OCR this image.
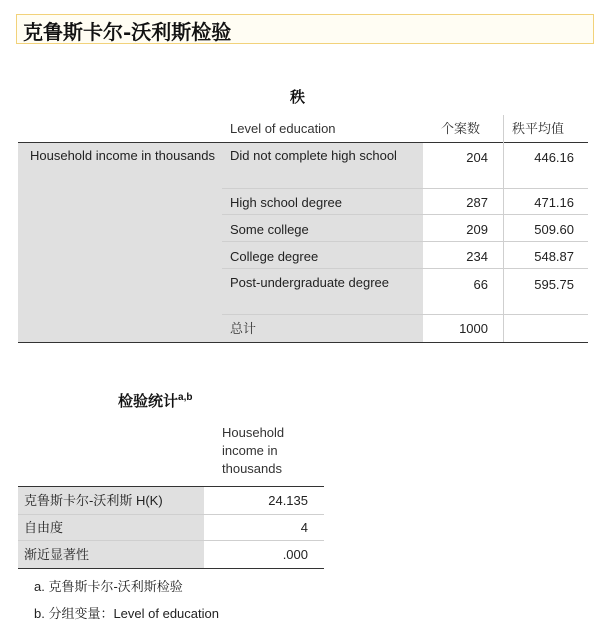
克鲁斯卡尔-沃利斯检验
秩
Level of education	个案数 秩平均值
Household income in thousands	Did not complete high school	204	446.16
High school degree	287	471.16
Some college	209	509.60
College degree	234	548.87
Post-undergraduate degree	66	595.75
总计	1000
检验统计$^{a,b}$
Household income in thousands
克鲁斯卡尔-沃利斯 H(K)	24.135
自由度	4
渐近显著性	.000
a. 克鲁斯卡尔-沃利斯检验
b. 分组变量：Level of education
